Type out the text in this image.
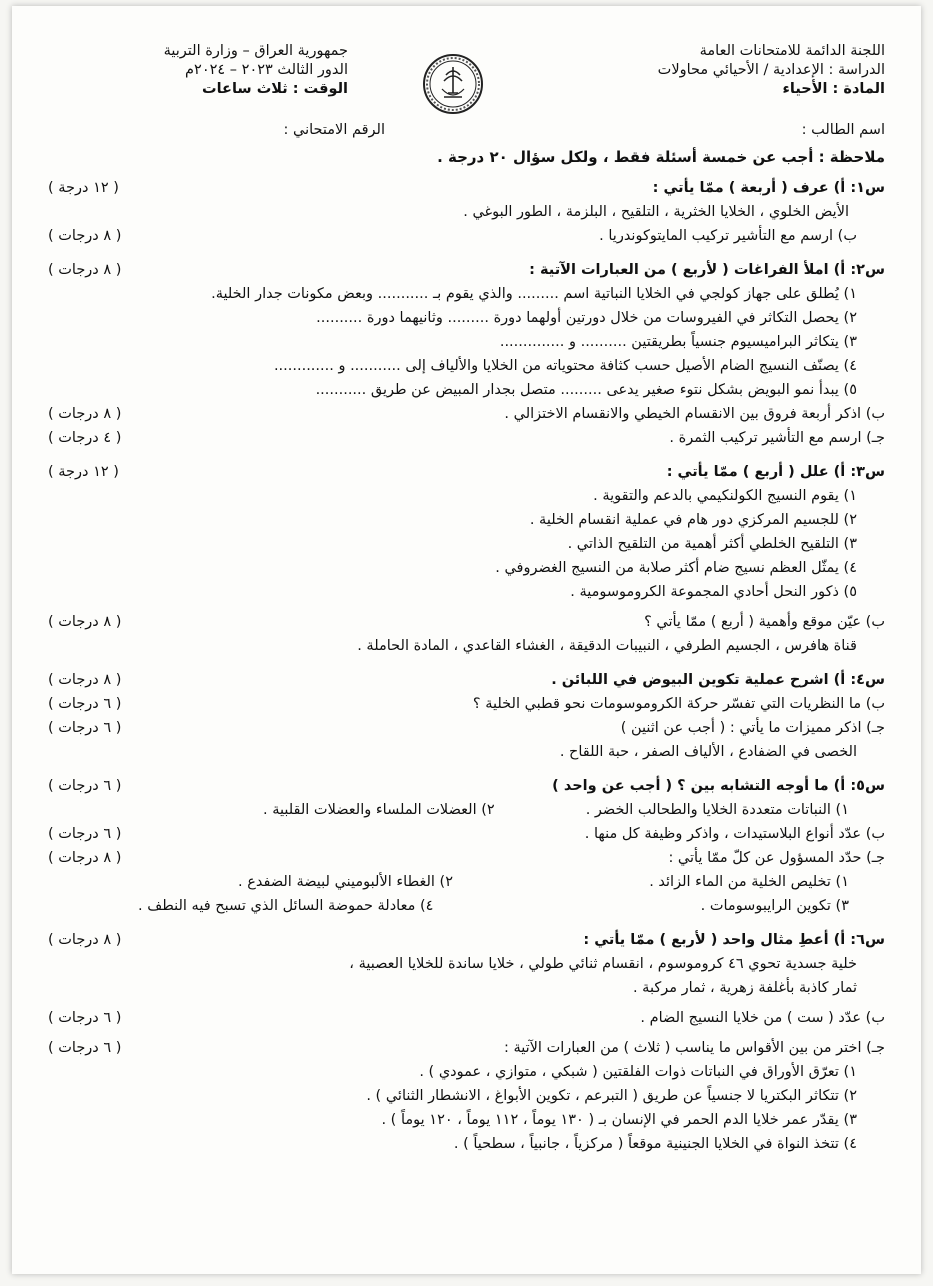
اللجنة الدائمة للامتحانات العامة
الدراسة : الإعدادية / الأحيائي محاولات
المادة : الأحياء
جمهورية العراق – وزارة التربية
الدور الثالث ٢٠٢٣ – ٢٠٢٤م
الوقت : ثلاث ساعات
اسم الطالب :
الرقم الامتحاني :
ملاحظة : أجب عن خمسة أسئلة فقط ، ولكل سؤال ٢٠ درجة .
س١: أ) عرف ( أربعة ) ممّا يأتي :
( ١٢ درجة )
الأيض الخلوي ، الخلايا الخثرية ، التلقيح ، البلزمة ، الطور البوغي .
ب) ارسم مع التأشير تركيب المايتوكوندريا .
( ٨ درجات )
س٢: أ) املأ الفراغات ( لأربع ) من العبارات الآتية :
( ٨ درجات )
١) يُطلق على جهاز كولجي في الخلايا النباتية اسم ......... والذي يقوم بـ ........... وبعض مكونات جدار الخلية.
٢) يحصل التكاثر في الفيروسات من خلال دورتين أولهما دورة ......... وثانيهما دورة ..........
٣) يتكاثر البراميسيوم جنسياً بطريقتين .......... و ..............
٤) يصنّف النسيج الضام الأصيل حسب كثافة محتوياته من الخلايا والألياف إلى ........... و .............
٥) يبدأ نمو البويض بشكل نتوء صغير يدعى ......... متصل بجدار المبيض عن طريق ...........
ب) اذكر أربعة فروق بين الانقسام الخيطي والانقسام الاختزالي .
( ٨ درجات )
جـ) ارسم مع التأشير تركيب الثمرة .
( ٤ درجات )
س٣: أ) علل ( أربع ) ممّا يأتي :
( ١٢ درجة )
١) يقوم النسيج الكولنكيمي بالدعم والتقوية .
٢) للجسيم المركزي دور هام في عملية انقسام الخلية .
٣) التلقيح الخلطي أكثر أهمية من التلقيح الذاتي .
٤) يمثّل العظم نسيج ضام أكثر صلابة من النسيج الغضروفي .
٥) ذكور النحل أحادي المجموعة الكروموسومية .
ب) عيّن موقع وأهمية ( أربع ) ممّا يأتي ؟
( ٨ درجات )
قناة هافرس ، الجسيم الطرفي ، النبيبات الدقيقة ، الغشاء القاعدي ، المادة الحاملة .
س٤: أ) اشرح عملية تكوين البيوض في اللبائن .
( ٨ درجات )
ب) ما النظريات التي تفسّر حركة الكروموسومات نحو قطبي الخلية ؟
( ٦ درجات )
جـ) اذكر مميزات ما يأتي : ( أجب عن اثنين )
( ٦ درجات )
الخصى في الضفادع ، الألياف الصفر ، حبة اللقاح .
س٥: أ) ما أوجه التشابه بين ؟ ( أجب عن واحد )
( ٦ درجات )
١) النباتات متعددة الخلايا والطحالب الخضر .
٢) العضلات الملساء والعضلات القلبية .
ب) عدّد أنواع البلاستيدات ، واذكر وظيفة كل منها .
( ٦ درجات )
جـ) حدّد المسؤول عن كلّ ممّا يأتي :
( ٨ درجات )
١) تخليص الخلية من الماء الزائد .
٢) الغطاء الألبوميني لبيضة الضفدع .
٣) تكوين الرايبوسومات .
٤) معادلة حموضة السائل الذي تسبح فيه النطف .
س٦: أ) أعطِ مثال واحد ( لأربع ) ممّا يأتي :
( ٨ درجات )
خلية جسدية تحوي ٤٦ كروموسوم ، انقسام ثنائي طولي ، خلايا ساندة للخلايا العصبية ،
ثمار كاذبة بأغلفة زهرية ، ثمار مركبة .
ب) عدّد ( ست ) من خلايا النسيج الضام .
( ٦ درجات )
جـ) اختر من بين الأقواس ما يناسب ( ثلاث ) من العبارات الآتية :
( ٦ درجات )
١) تعرّق الأوراق في النباتات ذوات الفلقتين ( شبكي ، متوازي ، عمودي ) .
٢) تتكاثر البكتريا لا جنسياً عن طريق ( التبرعم ، تكوين الأبواغ ، الانشطار الثنائي ) .
٣) يقدّر عمر خلايا الدم الحمر في الإنسان بـ ( ١٣٠ يوماً ، ١١٢ يوماً ، ١٢٠ يوماً ) .
٤) تتخذ النواة في الخلايا الجنينية موقعاً ( مركزياً ، جانبياً ، سطحياً ) .
